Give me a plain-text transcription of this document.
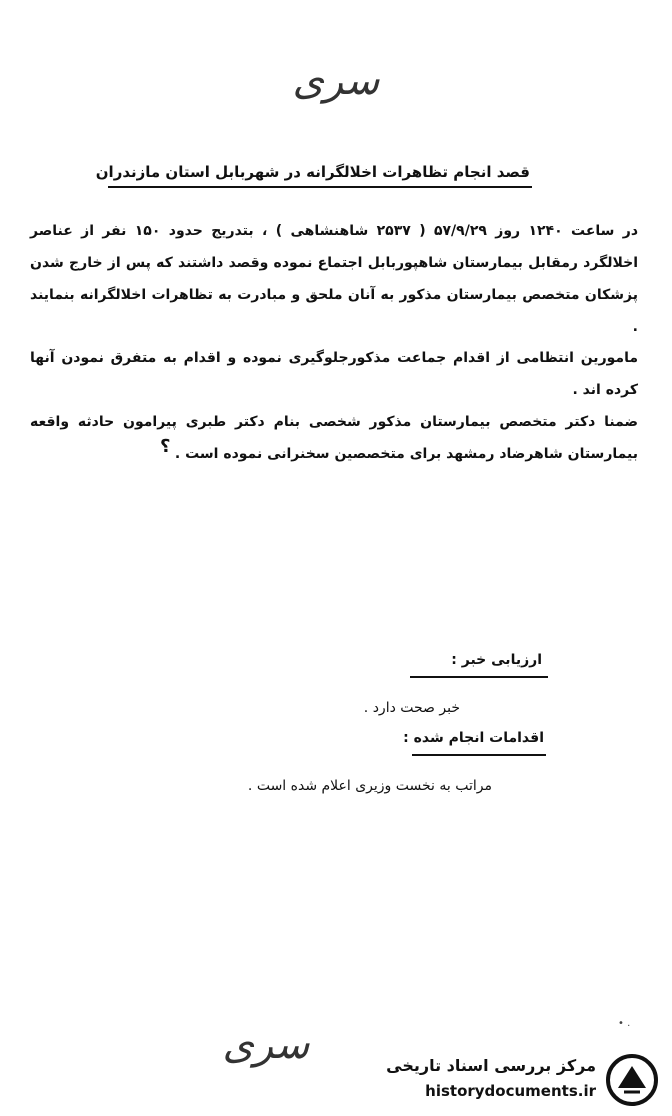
سری
قصد انجام تظاهرات اخلالگرانه در شهربابل استان مازندران
در ساعت ۱۲۴۰ روز ۵۷/۹/۲۹ ( ۲۵۳۷ شاهنشاهی ) ، بتدریج حدود ۱۵۰ نفر از عناصر اخلالگرد رمقابل بیمارستان شاهپوربابل اجتماع نموده وقصد داشتند که پس از خارج شدن پزشکان متخصص بیمارستان مذکور به آنان ملحق و مبادرت به تظاهرات اخلالگرانه بنمایند .
مامورین انتظامی از اقدام جماعت مذکورجلوگیری نموده و اقدام به متفرق نمودن آنها کرده اند .
ضمنا دکتر متخصص بیمارستان مذکور شخصی بنام دکتر طبری پیرامون حادثه واقعه بیمارستان شاهرضاد رمشهد برای متخصصین سخنرانی نموده است .
؟
ارزیابی خبر :
خبر صحت دارد .
اقدامات انجام شده :
مراتب به نخست وزیری اعلام شده است .
• .
سری	مرکز بررسی اسناد تاریخی
historydocuments.ir
